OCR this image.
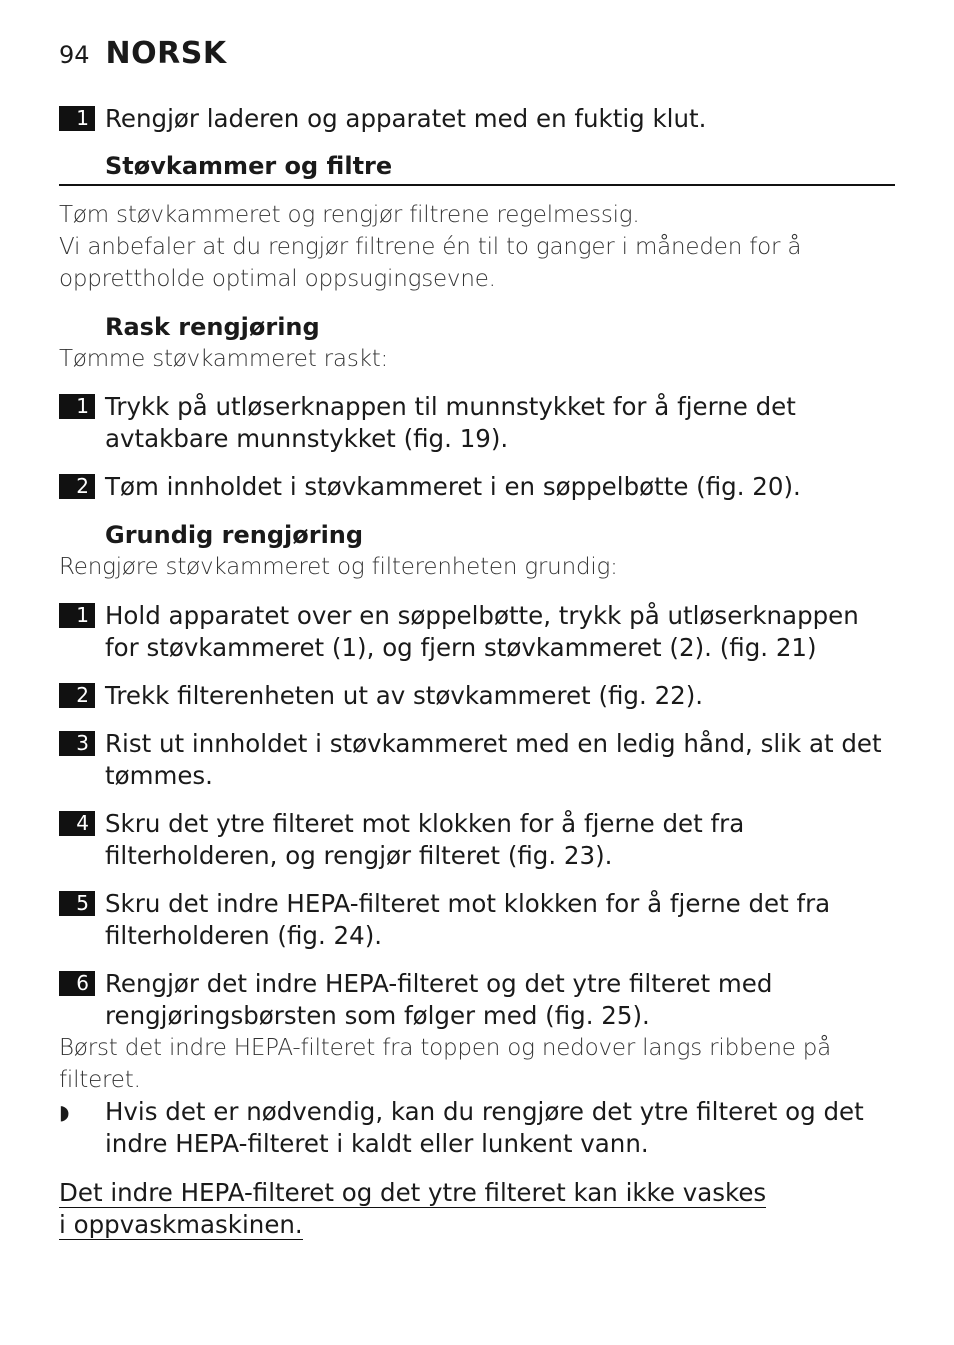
94 NORSK
1 Rengjør laderen og apparatet med en fuktig klut.
Støvkammer og filtre
Tøm støvkammeret og rengjør filtrene regelmessig.
Vi anbefaler at du rengjør filtrene én til to ganger i måneden for å opprettholde optimal oppsugingsevne.
Rask rengjøring
Tømme støvkammeret raskt:
1 Trykk på utløserknappen til munnstykket for å fjerne det avtakbare munnstykket (fig. 19).
2 Tøm innholdet i støvkammeret i en søppelbøtte (fig. 20).
Grundig rengjøring
Rengjøre støvkammeret og filterenheten grundig:
1 Hold apparatet over en søppelbøtte, trykk på utløserknappen for støvkammeret (1), og fjern støvkammeret (2). (fig. 21)
2 Trekk filterenheten ut av støvkammeret (fig. 22).
3 Rist ut innholdet i støvkammeret med en ledig hånd, slik at det tømmes.
4 Skru det ytre filteret mot klokken for å fjerne det fra filterholderen, og rengjør filteret (fig. 23).
5 Skru det indre HEPA-filteret mot klokken for å fjerne det fra filterholderen (fig. 24).
6 Rengjør det indre HEPA-filteret og det ytre filteret med rengjøringsbørsten som følger med (fig. 25).
Børst det indre HEPA-filteret fra toppen og nedover langs ribbene på filteret.
◗	Hvis det er nødvendig, kan du rengjøre det ytre filteret og det indre HEPA-filteret i kaldt eller lunkent vann.
Det indre HEPA-filteret og det ytre filteret kan ikke vaskes i oppvaskmaskinen.
